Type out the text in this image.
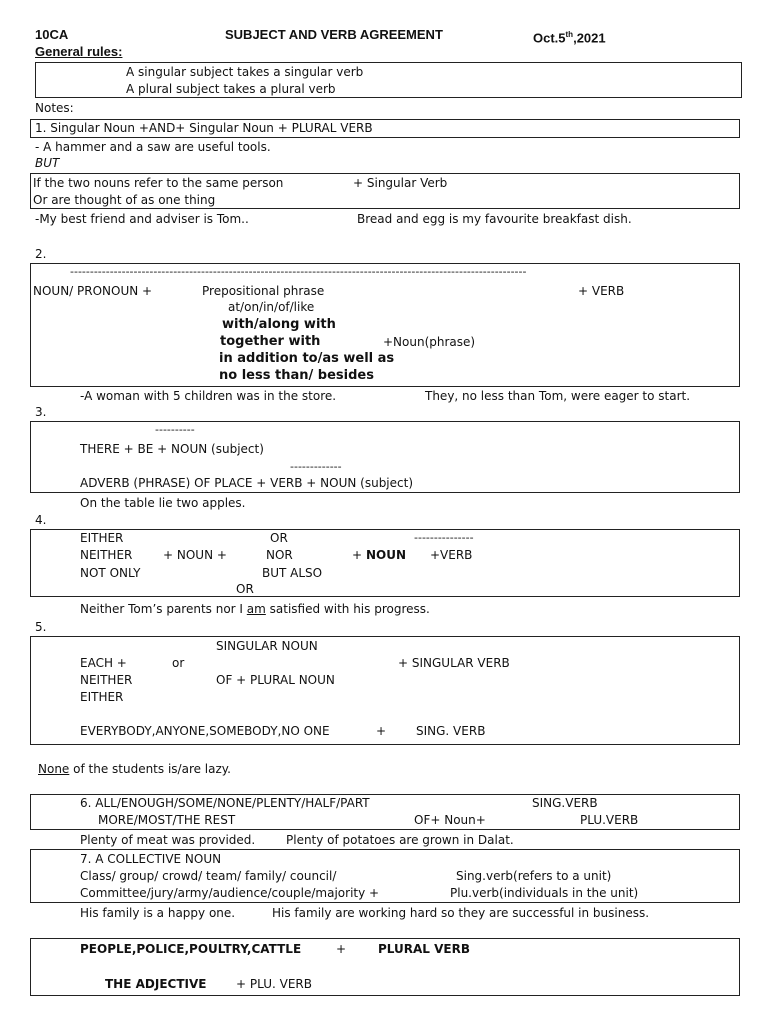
10CA	SUBJECT AND VERB AGREEMENT	Oct.5th,2021
General rules:
A singular subject takes a singular verb
A plural subject takes a plural verb
Notes:
1. Singular Noun +AND+ Singular Noun + PLURAL VERB
- A hammer and a saw are useful tools.
BUT
If the two nouns refer to the same person	+ Singular Verb
Or are thought of as one thing
-My best friend and adviser is Tom..	Bread and egg is my favourite breakfast dish.
2.
-------------------------------------------------------------------------------------------------------------------
NOUN/ PRONOUN +	Prepositional phrase	+ VERB
at/on/in/of/like
with/along with
together with	+Noun(phrase)
in addition to/as well as
no less than/ besides
-A woman with 5 children was in the store.	They, no less than Tom, were eager to start.
3.
----------
THERE + BE + NOUN (subject)
-------------
ADVERB (PHRASE) OF PLACE + VERB + NOUN (subject)
On the table lie two apples.
4.
EITHER	OR	---------------
NEITHER	+ NOUN +	NOR	+ NOUN +VERB
NOT ONLY	BUT ALSO
OR
Neither Tom’s parents nor I am satisfied with his progress.
5.
SINGULAR NOUN
EACH +	or	+ SINGULAR VERB
NEITHER	OF + PLURAL NOUN
EITHER
EVERYBODY,ANYONE,SOMEBODY,NO ONE	+ SING. VERB
None of the students is/are lazy.
6. ALL/ENOUGH/SOME/NONE/PLENTY/HALF/PART	SING.VERB
MORE/MOST/THE REST	OF+ Noun+	PLU.VERB
Plenty of meat was provided.	Plenty of potatoes are grown in Dalat.
7. A COLLECTIVE NOUN
Class/ group/ crowd/ team/ family/ council/	Sing.verb(refers to a unit)
Committee/jury/army/audience/couple/majority +	Plu.verb(individuals in the unit)
His family is a happy one.	His family are working hard so they are successful in business.
PEOPLE,POLICE,POULTRY,CATTLE	+	PLURAL VERB
THE ADJECTIVE + PLU. VERB
